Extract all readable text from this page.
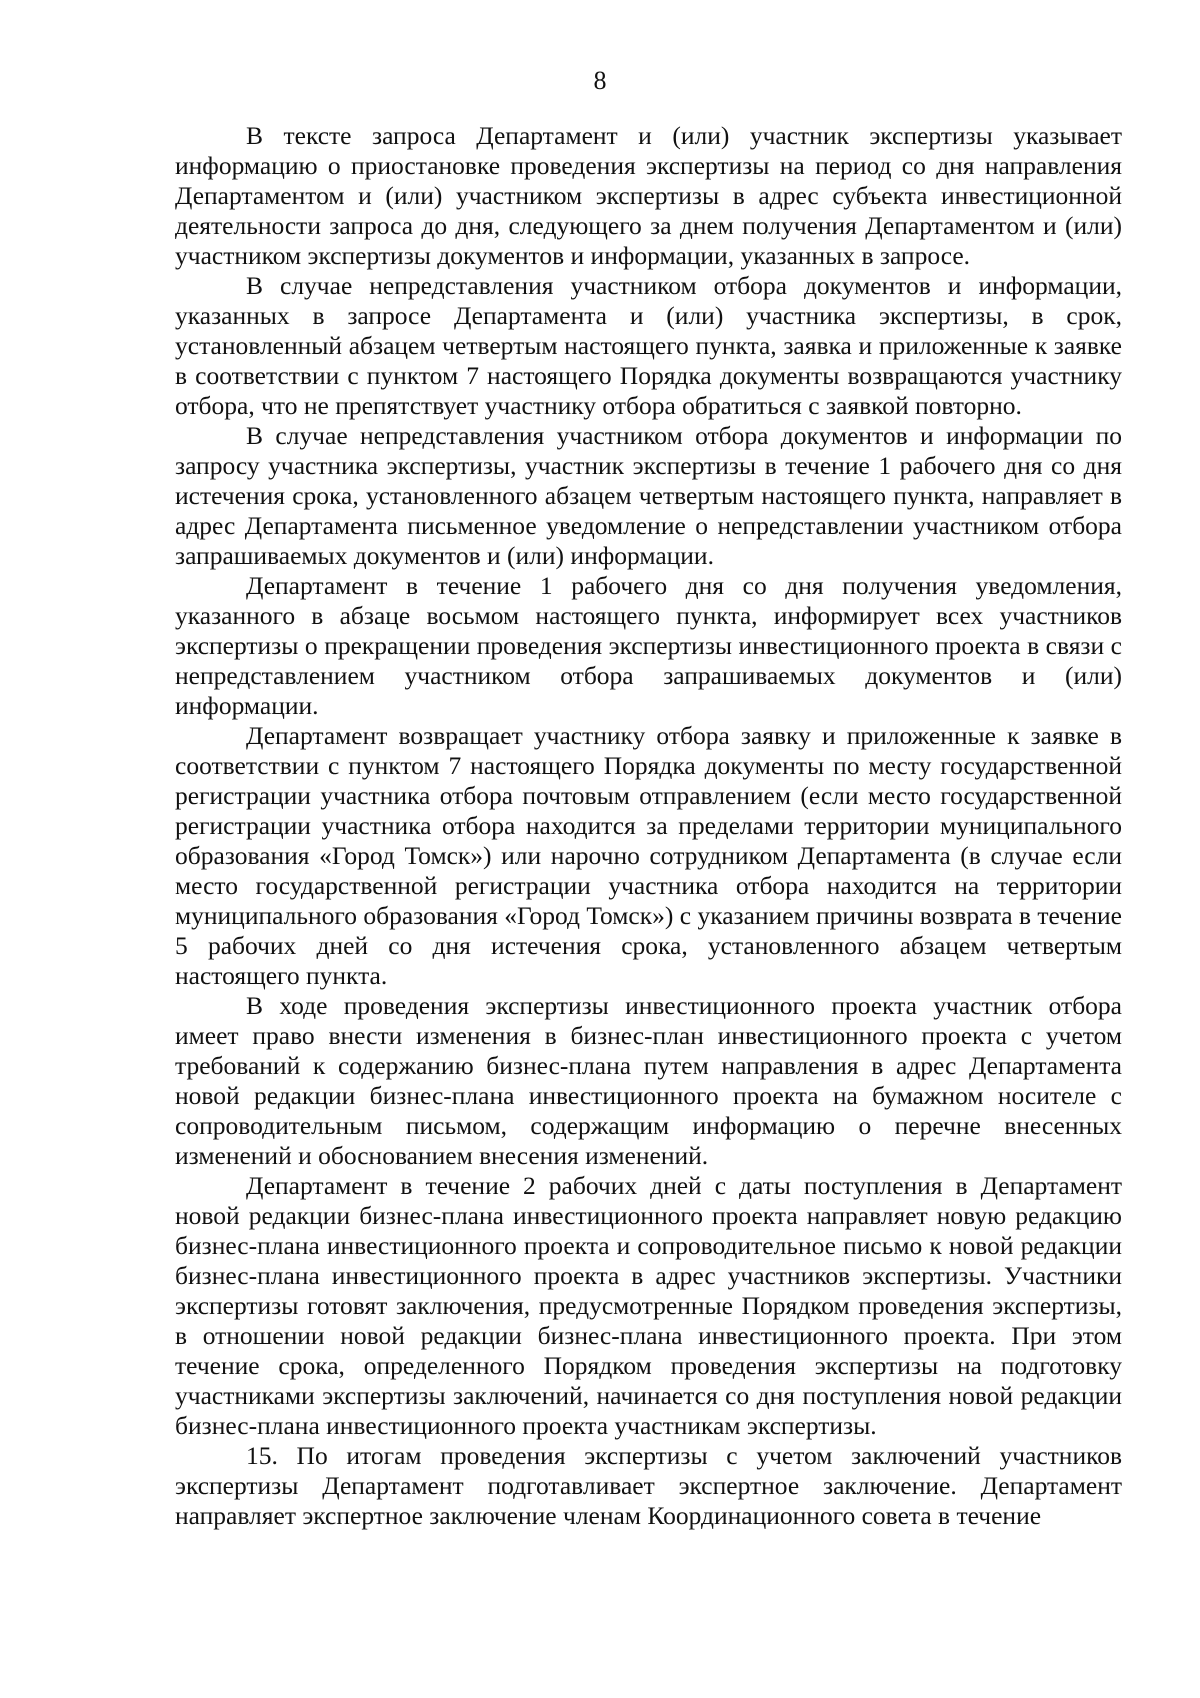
8

В тексте запроса Департамент и (или) участник экспертизы указывает информацию о приостановке проведения экспертизы на период со дня направления Департаментом и (или) участником экспертизы в адрес субъекта инвестиционной деятельности запроса до дня, следующего за днем получения Департаментом и (или) участником экспертизы документов и информации, указанных в запросе.

В случае непредставления участником отбора документов и информации, указанных в запросе Департамента и (или) участника экспертизы, в срок, установленный абзацем четвертым настоящего пункта, заявка и приложенные к заявке в соответствии с пунктом 7 настоящего Порядка документы возвращаются участнику отбора, что не препятствует участнику отбора обратиться с заявкой повторно.

В случае непредставления участником отбора документов и информации по запросу участника экспертизы, участник экспертизы в течение 1 рабочего дня со дня истечения срока, установленного абзацем четвертым настоящего пункта, направляет в адрес Департамента письменное уведомление о непредставлении участником отбора запрашиваемых документов и (или) информации.

Департамент в течение 1 рабочего дня со дня получения уведомления, указанного в абзаце восьмом настоящего пункта, информирует всех участников экспертизы о прекращении проведения экспертизы инвестиционного проекта в связи с непредставлением участником отбора запрашиваемых документов и (или) информации.

Департамент возвращает участнику отбора заявку и приложенные к заявке в соответствии с пунктом 7 настоящего Порядка документы по месту государственной регистрации участника отбора почтовым отправлением (если место государственной регистрации участника отбора находится за пределами территории муниципального образования «Город Томск») или нарочно сотрудником Департамента (в случае если место государственной регистрации участника отбора находится на территории муниципального образования «Город Томск») с указанием причины возврата в течение 5 рабочих дней со дня истечения срока, установленного абзацем четвертым настоящего пункта.

В ходе проведения экспертизы инвестиционного проекта участник отбора имеет право внести изменения в бизнес-план инвестиционного проекта с учетом требований к содержанию бизнес-плана путем направления в адрес Департамента новой редакции бизнес-плана инвестиционного проекта на бумажном носителе с сопроводительным письмом, содержащим информацию о перечне внесенных изменений и обоснованием внесения изменений.

Департамент в течение 2 рабочих дней с даты поступления в Департамент новой редакции бизнес-плана инвестиционного проекта направляет новую редакцию бизнес-плана инвестиционного проекта и сопроводительное письмо к новой редакции бизнес-плана инвестиционного проекта в адрес участников экспертизы. Участники экспертизы готовят заключения, предусмотренные Порядком проведения экспертизы, в отношении новой редакции бизнес-плана инвестиционного проекта. При этом течение срока, определенного Порядком проведения экспертизы на подготовку участниками экспертизы заключений, начинается со дня поступления новой редакции бизнес-плана инвестиционного проекта участникам экспертизы.

15. По итогам проведения экспертизы с учетом заключений участников экспертизы Департамент подготавливает экспертное заключение. Департамент направляет экспертное заключение членам Координационного совета в течение
